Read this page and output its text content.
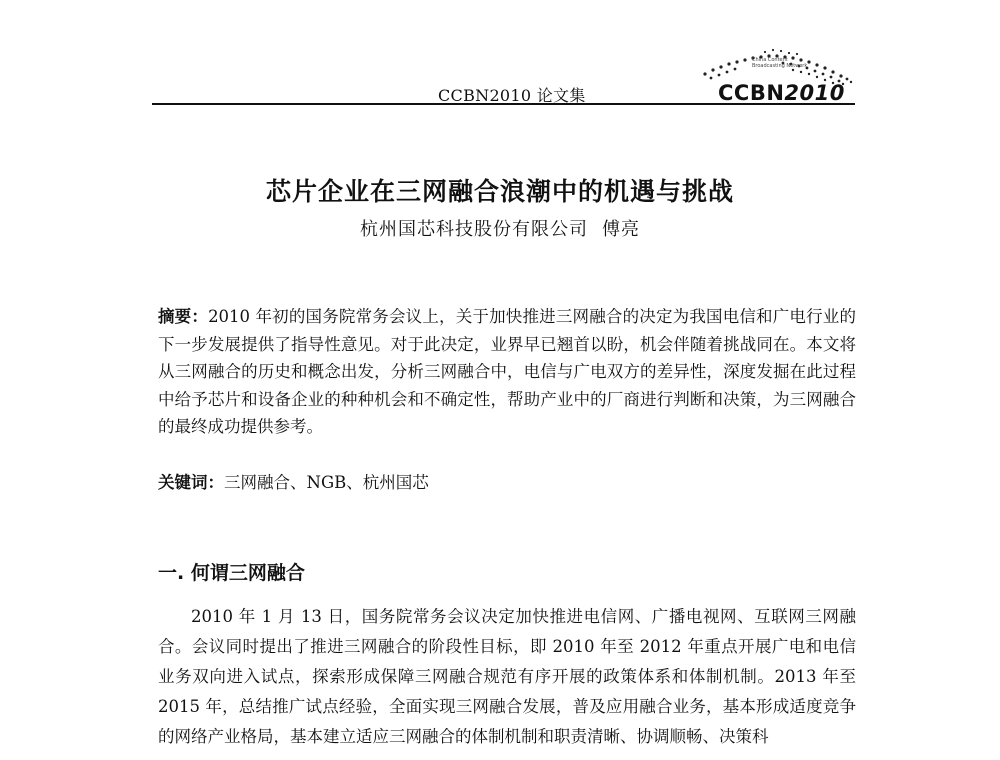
CCBN2010 论文集
China Content Broadcasting Network
CCBN2010
芯片企业在三网融合浪潮中的机遇与挑战
杭州国芯科技股份有限公司 傅亮
摘要：2010 年初的国务院常务会议上，关于加快推进三网融合的决定为我国电信和广电行业的下一步发展提供了指导性意见。对于此决定，业界早已翘首以盼，机会伴随着挑战同在。本文将从三网融合的历史和概念出发，分析三网融合中，电信与广电双方的差异性，深度发掘在此过程中给予芯片和设备企业的种种机会和不确定性，帮助产业中的厂商进行判断和决策，为三网融合的最终成功提供参考。
关键词：三网融合、NGB、杭州国芯
一. 何谓三网融合
2010 年 1 月 13 日，国务院常务会议决定加快推进电信网、广播电视网、互联网三网融合。会议同时提出了推进三网融合的阶段性目标，即 2010 年至 2012 年重点开展广电和电信业务双向进入试点，探索形成保障三网融合规范有序开展的政策体系和体制机制。2013 年至 2015 年，总结推广试点经验，全面实现三网融合发展，普及应用融合业务，基本形成适度竞争的网络产业格局，基本建立适应三网融合的体制机制和职责清晰、协调顺畅、决策科
